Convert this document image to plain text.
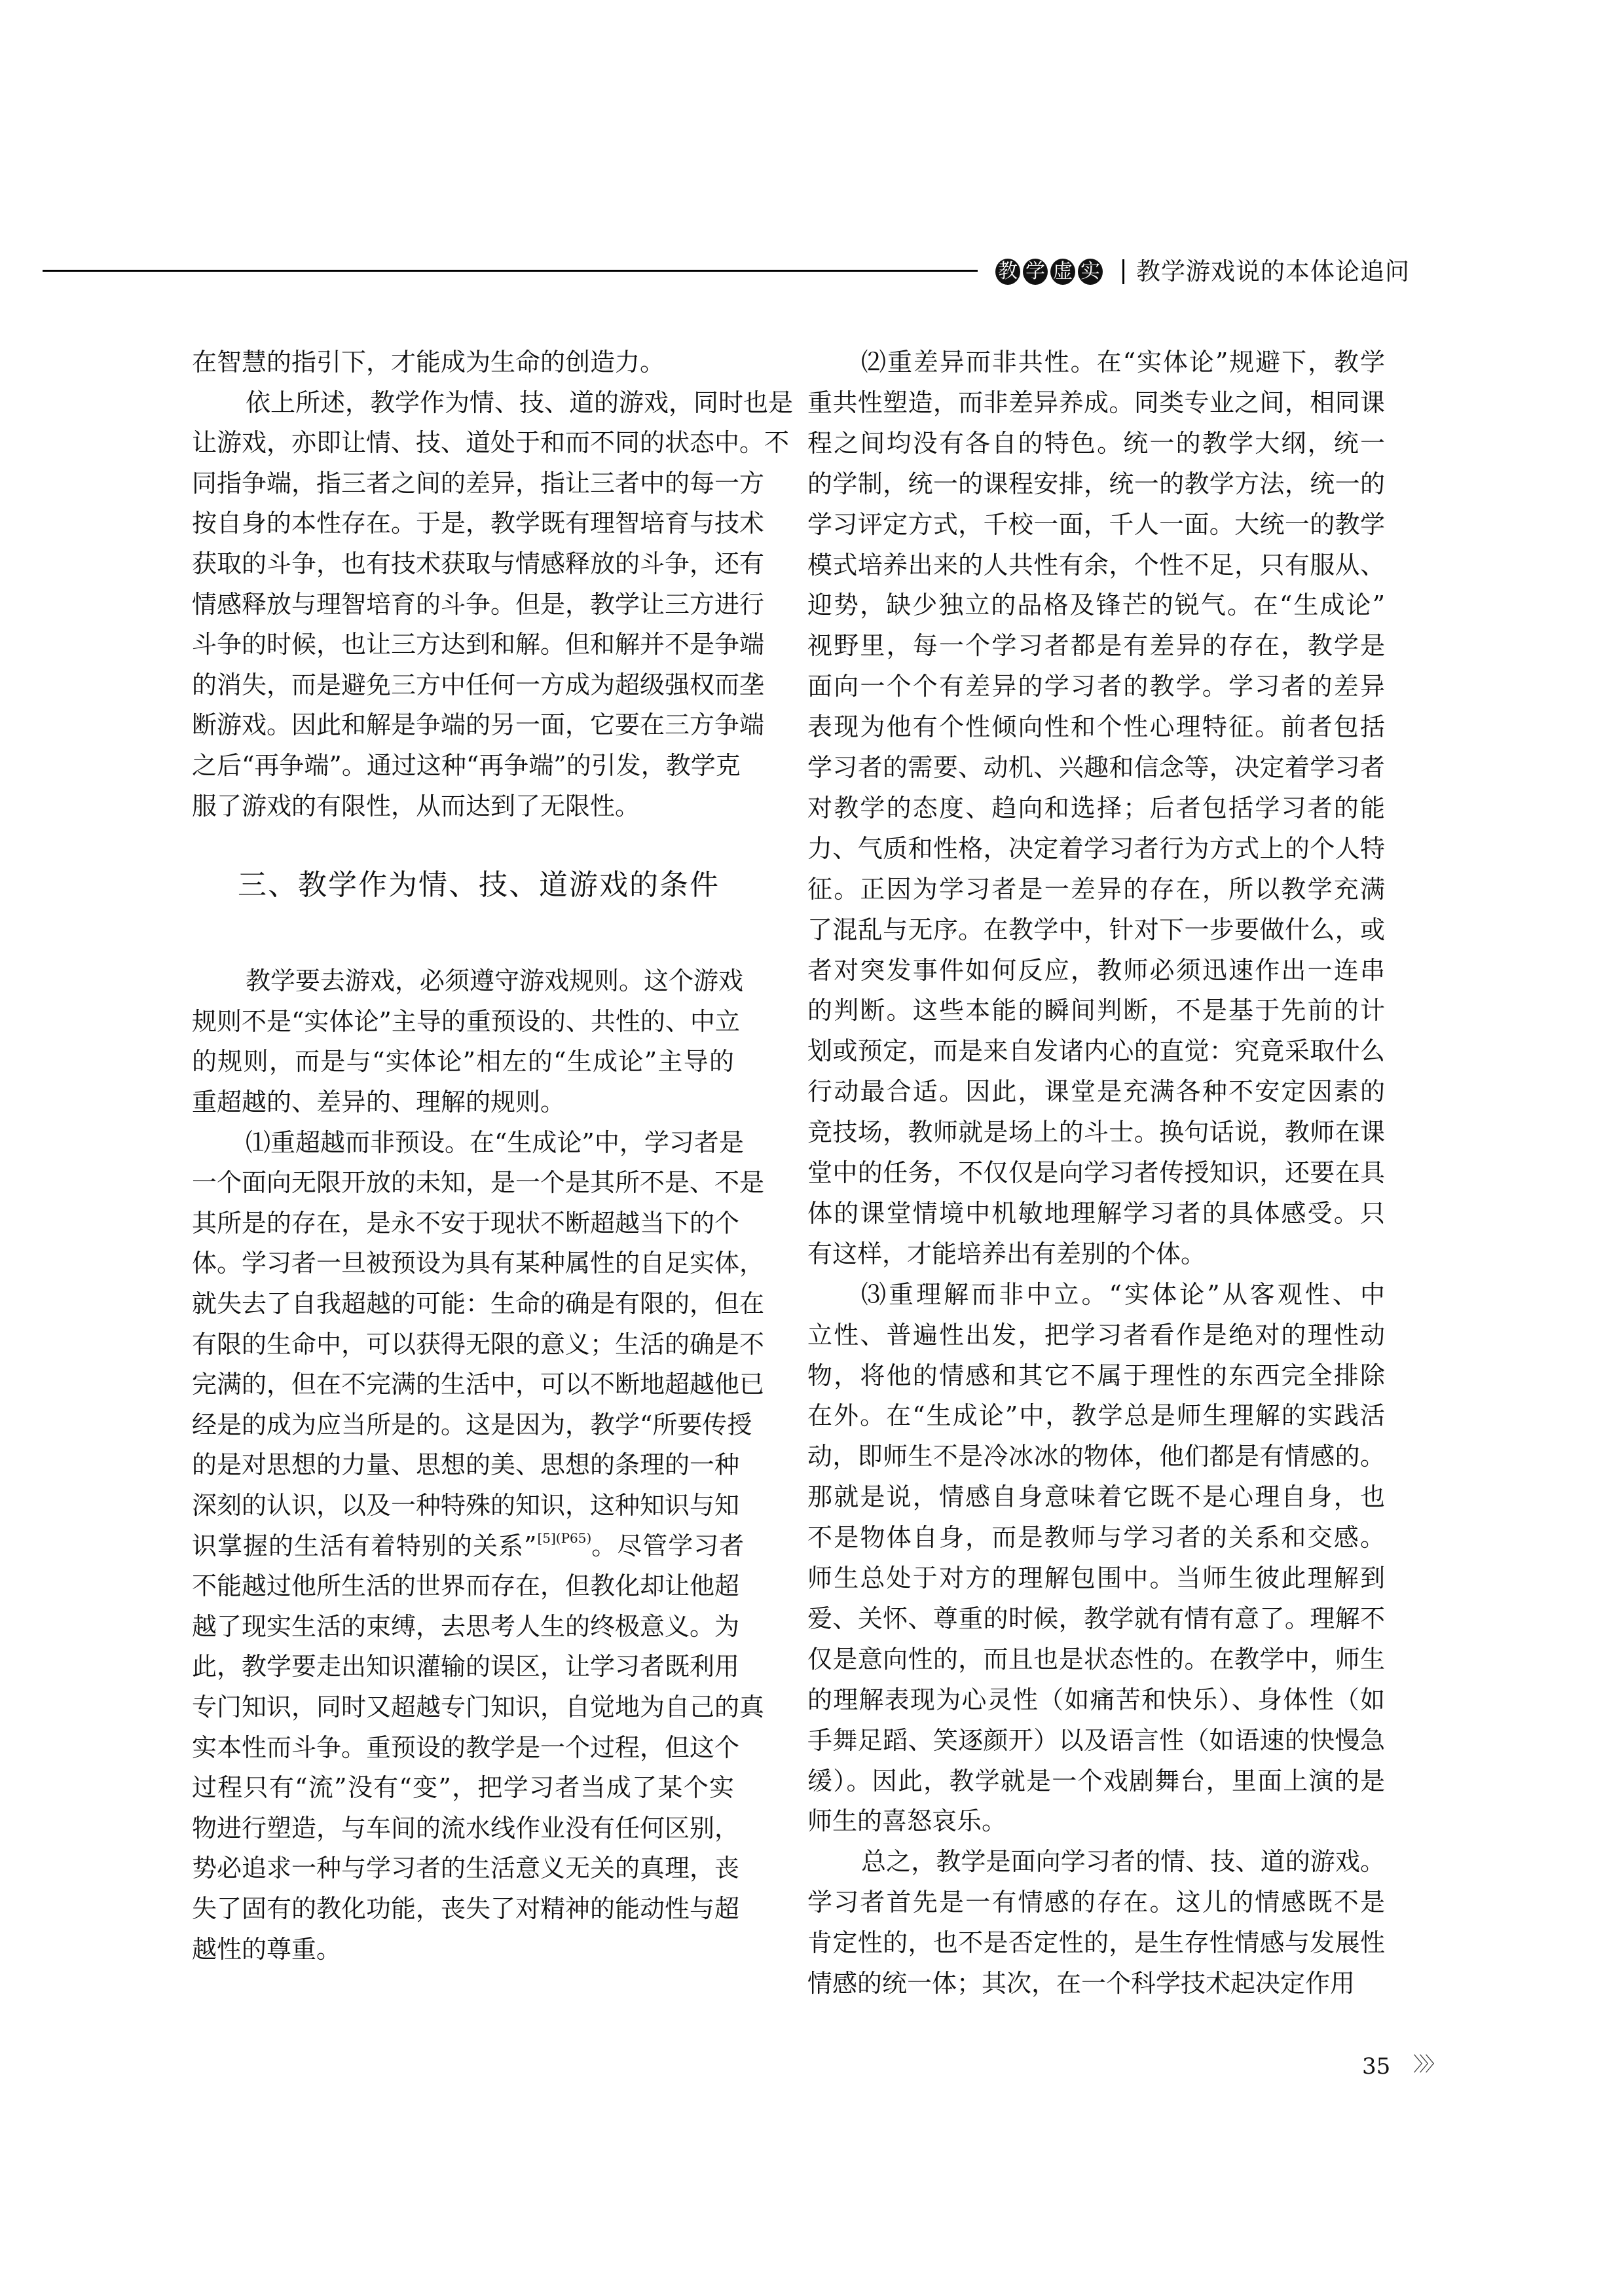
教 学 虚 实 教学游戏说的本体论追问
在智慧的指引下，才能成为生命的创造力。
依上所述，教学作为情、技、道的游戏，同时也是
让游戏，亦即让情、技、道处于和而不同的状态中。不
同指争端，指三者之间的差异，指让三者中的每一方
按自身的本性存在。于是，教学既有理智培育与技术
获取的斗争，也有技术获取与情感释放的斗争，还有
情感释放与理智培育的斗争。但是，教学让三方进行
斗争的时候，也让三方达到和解。但和解并不是争端
的消失，而是避免三方中任何一方成为超级强权而垄
断游戏。因此和解是争端的另一面，它要在三方争端
之后“再争端”。通过这种“再争端”的引发，教学克
服了游戏的有限性，从而达到了无限性。
三、教学作为情、技、道游戏的条件
教学要去游戏，必须遵守游戏规则。这个游戏
规则不是“实体论”主导的重预设的、共性的、中立
的规则，而是与“实体论”相左的“生成论”主导的
重超越的、差异的、理解的规则。
⑴重超越而非预设。在“生成论”中，学习者是
一个面向无限开放的未知，是一个是其所不是、不是
其所是的存在，是永不安于现状不断超越当下的个
体。学习者一旦被预设为具有某种属性的自足实体，
就失去了自我超越的可能：生命的确是有限的，但在
有限的生命中，可以获得无限的意义；生活的确是不
完满的，但在不完满的生活中，可以不断地超越他已
经是的成为应当所是的。这是因为，教学“所要传授
的是对思想的力量、思想的美、思想的条理的一种
深刻的认识，以及一种特殊的知识，这种知识与知
识掌握的生活有着特别的关系”$^{[5](P65)}$。尽管学习者
不能越过他所生活的世界而存在，但教化却让他超
越了现实生活的束缚，去思考人生的终极意义。为
此，教学要走出知识灌输的误区，让学习者既利用
专门知识，同时又超越专门知识，自觉地为自己的真
实本性而斗争。重预设的教学是一个过程，但这个
过程只有“流”没有“变”，把学习者当成了某个实
物进行塑造，与车间的流水线作业没有任何区别，
势必追求一种与学习者的生活意义无关的真理，丧
失了固有的教化功能，丧失了对精神的能动性与超
越性的尊重。
⑵重差异而非共性。在“实体论”规避下，教学
重共性塑造，而非差异养成。同类专业之间，相同课
程之间均没有各自的特色。统一的教学大纲，统一
的学制，统一的课程安排，统一的教学方法，统一的
学习评定方式，千校一面，千人一面。大统一的教学
模式培养出来的人共性有余，个性不足，只有服从、
迎势，缺少独立的品格及锋芒的锐气。在“生成论”
视野里，每一个学习者都是有差异的存在，教学是
面向一个个有差异的学习者的教学。学习者的差异
表现为他有个性倾向性和个性心理特征。前者包括
学习者的需要、动机、兴趣和信念等，决定着学习者
对教学的态度、趋向和选择；后者包括学习者的能
力、气质和性格，决定着学习者行为方式上的个人特
征。正因为学习者是一差异的存在，所以教学充满
了混乱与无序。在教学中，针对下一步要做什么，或
者对突发事件如何反应，教师必须迅速作出一连串
的判断。这些本能的瞬间判断，不是基于先前的计
划或预定，而是来自发诸内心的直觉：究竟采取什么
行动最合适。因此，课堂是充满各种不安定因素的
竞技场，教师就是场上的斗士。换句话说，教师在课
堂中的任务，不仅仅是向学习者传授知识，还要在具
体的课堂情境中机敏地理解学习者的具体感受。只
有这样，才能培养出有差别的个体。
⑶重理解而非中立。“实体论”从客观性、中
立性、普遍性出发，把学习者看作是绝对的理性动
物，将他的情感和其它不属于理性的东西完全排除
在外。在“生成论”中，教学总是师生理解的实践活
动，即师生不是冷冰冰的物体，他们都是有情感的。
那就是说，情感自身意味着它既不是心理自身，也
不是物体自身，而是教师与学习者的关系和交感。
师生总处于对方的理解包围中。当师生彼此理解到
爱、关怀、尊重的时候，教学就有情有意了。理解不
仅是意向性的，而且也是状态性的。在教学中，师生
的理解表现为心灵性（如痛苦和快乐）、身体性（如
手舞足蹈、笑逐颜开）以及语言性（如语速的快慢急
缓）。因此，教学就是一个戏剧舞台，里面上演的是
师生的喜怒哀乐。
总之，教学是面向学习者的情、技、道的游戏。
学习者首先是一有情感的存在。这儿的情感既不是
肯定性的，也不是否定性的，是生存性情感与发展性
情感的统一体；其次，在一个科学技术起决定作用
35 〉〉〉
